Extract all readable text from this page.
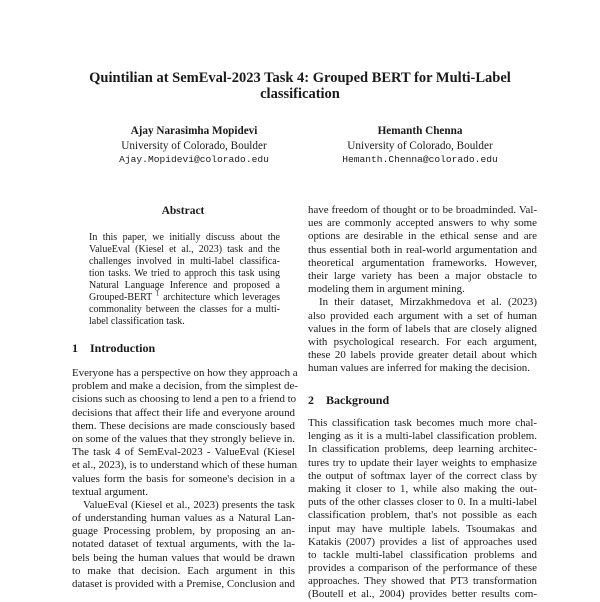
Quintilian at SemEval-2023 Task 4: Grouped BERT for Multi-Label
classification
Ajay Narasimha Mopidevi
University of Colorado, Boulder
Ajay.Mopidevi@colorado.edu
Hemanth Chenna
University of Colorado, Boulder
Hemanth.Chenna@colorado.edu
Abstract
In this paper, we initially discuss about the
ValueEval (Kiesel et al., 2023) task and the
challenges involved in multi-label classifica-
tion tasks. We tried to approch this task using
Natural Language Inference and proposed a
Grouped-BERT $^1$ architecture which leverages
commonality between the classes for a multi-
label classification task.
1 Introduction
Everyone has a perspective on how they approach a
problem and make a decision, from the simplest de-
cisions such as choosing to lend a pen to a friend to
decisions that affect their life and everyone around
them. These decisions are made consciously based
on some of the values that they strongly believe in.
The task 4 of SemEval-2023 - ValueEval (Kiesel
et al., 2023), is to understand which of these human
values form the basis for someone's decision in a
textual argument.
ValueEval (Kiesel et al., 2023) presents the task
of understanding human values as a Natural Lan-
guage Processing problem, by proposing an an-
notated dataset of textual arguments, with the la-
bels being the human values that would be drawn
to make that decision. Each argument in this
dataset is provided with a Premise, Conclusion and
have freedom of thought or to be broadminded. Val-
ues are commonly accepted answers to why some
options are desirable in the ethical sense and are
thus essential both in real-world argumentation and
theoretical argumentation frameworks. However,
their large variety has been a major obstacle to
modeling them in argument mining.
In their dataset, Mirzakhmedova et al. (2023)
also provided each argument with a set of human
values in the form of labels that are closely aligned
with psychological research. For each argument,
these 20 labels provide greater detail about which
human values are inferred for making the decision.
2 Background
This classification task becomes much more chal-
lenging as it is a multi-label classification problem.
In classification problems, deep learning architec-
tures try to update their layer weights to emphasize
the output of softmax layer of the correct class by
making it closer to 1, while also making the out-
puts of the other classes closer to 0. In a multi-label
classification problem, that's not possible as each
input may have multiple labels. Tsoumakas and
Katakis (2007) provides a list of approaches used
to tackle multi-label classification problems and
provides a comparison of the performance of these
approaches. They showed that PT3 transformation
(Boutell et al., 2004) provides better results com-
